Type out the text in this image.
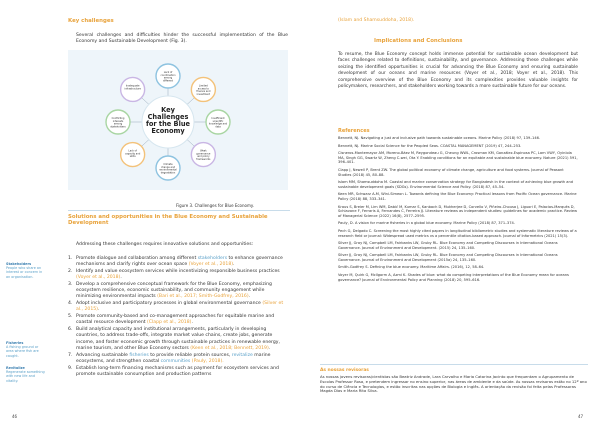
Key challenges
Several challenges and difficulties hinder the successful implementation of the Blue Economy and Sustainable Development (Fig. 3).
Lack of coordination among different
Limited access to finance and investment
Insufficient scientific knowledge and data
Weak governance and policy frameworks
Climate change and environmental degradation
Lack of capacity and skills
Conflicting interests among stakeholders
Inadequate infrastructure
Key Challenges for the Blue Economy
Figure 3. Challenges for Blue Economy.
Solutions and opportunities in the Blue Economy and Sustainable Development
Addressing these challenges requires innovative solutions and opportunities:
1. Promote dialogue and collaboration among different stakeholders to enhance governance mechanisms and clarify rights over ocean space (Voyer et al., 2018).
2. Identify and value ecosystem services while incentivizing responsible business practices (Voyer et al., 2018).
3. Develop a comprehensive conceptual framework for the Blue Economy, emphasizing ecosystem resilience, economic sustainability, and community engagement while minimizing environmental impacts (Bari et al., 2017; Smith-Godfrey, 2016).
4. Adopt inclusive and participatory processes in global environmental governance (Silver et al., 2015).
5. Promote community-based and co-management approaches for equitable marine and coastal resource development (Clapp et al., 2018).
6. Build analytical capacity and institutional arrangements, particularly in developing countries, to address trade-offs, integrate market value chains, create jobs, generate income, and foster economic growth through sustainable practices in renewable energy, marine tourism, and other Blue Economy sectors (Keen et al., 2018; Bennett, 2019).
7. Advancing sustainable fisheries to provide reliable protein sources, revitalize marine ecosystems, and strengthen coastal communities (Pauly, 2018).
9. Establish long-term financing mechanisms such as payment for ecosystem services and promote sustainable consumption and production patterns
Stakeholders
People who share an interest or concern in an organisation.
Fisheries
A fishing ground or area where fish are caught.
Revitalize
Regenerate something with new life and vitality.
46
(Islam and Shamsuddoha, 2018).
Implications and Conclusions
To resume, the Blue Economy concept holds immense potential for sustainable ocean development but faces challenges related to definitions, sustainability, and governance. Addressing these challenges while seizing the identified opportunities is crucial for advancing the Blue Economy and ensuring sustainable development of our oceans and marine resources (Voyer et al., 2018; Voyer et al., 2018). This comprehensive overview of the Blue Economy and its complexities provides valuable insights for policymakers, researchers, and stakeholders working towards a more sustainable future for our oceans.
References
Bennett, NJ. Navigating a just and inclusive path towards sustainable oceans. Marine Policy (2018) 97, 139–146.
Bennett, NJ. Marine Social Science for the Peopled Seas. COASTAL MANAGEMENT (2019) 47, 244–253.
Cisneros-Montemayor AM, Moreno-Báez M, Reygondeau G, Cheung WWL, Crosman KM, González-Espinosa PC, Lam VWY, Oyinlola MA, Singh GG, Swartz W, Zheng C-wei, Ota Y. Enabling conditions for an equitable and sustainable blue economy. Nature (2021) 591, 396–401.
Clapp J, Newell P, Brent ZW. The global political economy of climate change, agriculture and food systems. Journal of Peasant Studies (2018) 45, 80–88.
Islam MM, Shamsuddoha M. Coastal and marine conservation strategy for Bangladesh in the context of achieving blue growth and sustainable development goals (SDGs). Environmental Science and Policy. (2018) 87, 45–54.
Keen MR, Schwarz A-M, Wini-Simeon L. Towards defining the Blue Economy: Practical lessons from Pacific Ocean governance. Marine Policy (2018) 88, 333–341.
Kraus S, Breier M, Lim WM, Dabić M, Kumar S, Kanbach D, Mukherjee D, Corvello V, Piñeiro-Chousa J, Liguori E, Palacios-Marqués D, Schiavone F, Ferraris A, Fernandes C, Ferreira JJ. Literature reviews as independent studies: guidelines for academic practice. Review of Managerial Science (2022) 16(8), 2577–2595.
Pauly, D. A vision for marine fisheries in a global blue economy. Marine Policy (2018) 87, 371–374.
Pech G, Delgado C. Screening the most highly cited papers in longitudinal bibliometric studies and systematic literature reviews of a research field or journal: Widespread used metrics vs a percentile citation-based approach. Journal of Informetrics (2021) 15(3).
Silver JJ, Gray NJ, Campbell LM, Fairbanks LW, Gruby RL. Blue Economy and Competing Discourses in International Oceans Governance. Journal of Environment and Development. (2015) 24, 135–160.
Silver JJ, Gray NJ, Campbell LM, Fairbanks LW, Gruby RL. Blue Economy and Competing Discourses in International Oceans Governance. Journal of Environment and Development (2015a) 24, 135–160.
Smith-Godfrey S. Defining the blue economy. Maritime Affairs. (2016), 12, 58–64.
Voyer M, Quirk G, McIlgorm A, Azmi K. Shades of blue: what do competing interpretations of the Blue Economy mean for oceans governance? Journal of Environmental Policy and Planning (2018) 20, 595–616.
As nossas revisoras
As nossas jovens revisoras/cientistas são Beatriz Andrade, Lara Carvalho e Maria Catarina Jacinto que frequentam o Agrupamento de Escolas Professor Rosa, e pretendem ingressar no ensino superior, nas áreas de ambiente e da saúde. As nossas revisoras estão no 12º ano do curso de Ciência e Tecnologias, e estão inscritas nas opções de Biologia e Inglês. A orientação da revisão foi feita pelas Professoras Magda Dias e Maria Rita Silva.
47
